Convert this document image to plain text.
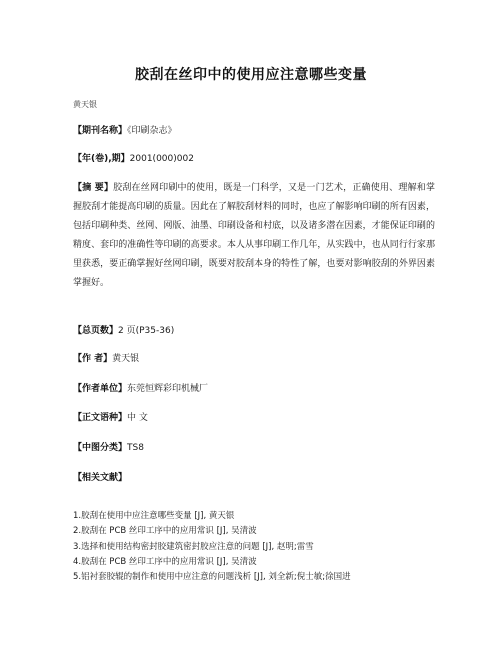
胶刮在丝印中的使用应注意哪些变量
黄天银
【期刊名称】《印刷杂志》
【年(卷),期】2001(000)002
【摘 要】胶刮在丝网印刷中的使用，既是一门科学，又是一门艺术，正确使用、理解和掌握胶刮才能提高印刷的质量。因此在了解胶刮材料的同时，也应了解影响印刷的所有因素，包括印刷种类、丝网、网版、油墨、印刷设备和村底，以及诸多潜在因素，才能保证印刷的精度、套印的准确性等印刷的高要求。本人从事印刷工作几年，从实践中，也从同行行家那里获悉，要正确掌握好丝网印刷，既要对胶刮本身的特性了解，也要对影响胶刮的外界因素掌握好。
【总页数】2 页(P35-36)
【作 者】黄天银
【作者单位】东莞恒辉彩印机械厂
【正文语种】中 文
【中图分类】TS8
【相关文献】
1.胶刮在使用中应注意哪些变量 [J], 黄天银
2.胶刮在 PCB 丝印工序中的应用常识 [J], 吴清波
3.选择和使用结构密封胶建筑密封胶应注意的问题 [J], 赵明;雷雪
4.胶刮在 PCB 丝印工序中的应用常识 [J], 吴清波
5.铝衬套胶辊的制作和使用中应注意的问题浅析 [J], 刘全新;倪士敏;徐国进
